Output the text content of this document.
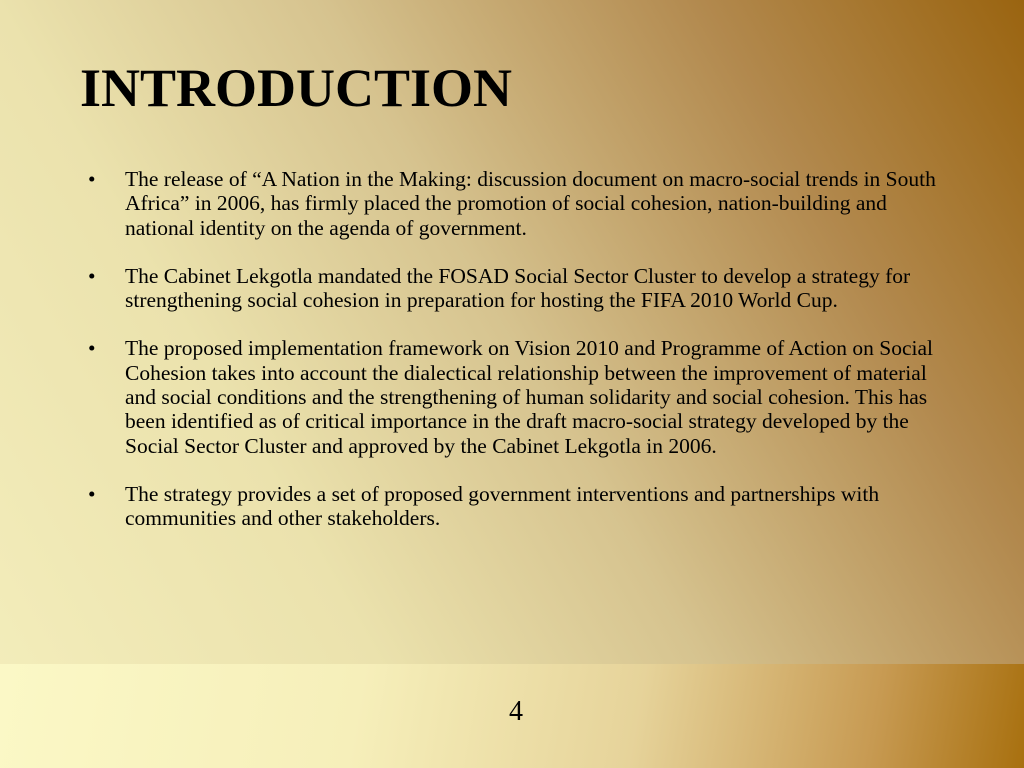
INTRODUCTION
• The release of “A Nation in the Making: discussion document on macro-social trends in South Africa” in 2006, has firmly placed the promotion of social cohesion, nation-building and national identity on the agenda of government.
• The Cabinet Lekgotla mandated the FOSAD Social Sector Cluster to develop a strategy for strengthening social cohesion in preparation for hosting the FIFA 2010 World Cup.
• The proposed implementation framework on Vision 2010 and Programme of Action on Social Cohesion takes into account the dialectical relationship between the improvement of material and social conditions and the strengthening of human solidarity and social cohesion. This has been identified as of critical importance in the draft macro-social strategy developed by the Social Sector Cluster and approved by the Cabinet Lekgotla in 2006.
• The strategy provides a set of proposed government interventions and partnerships with communities and other stakeholders.
4
